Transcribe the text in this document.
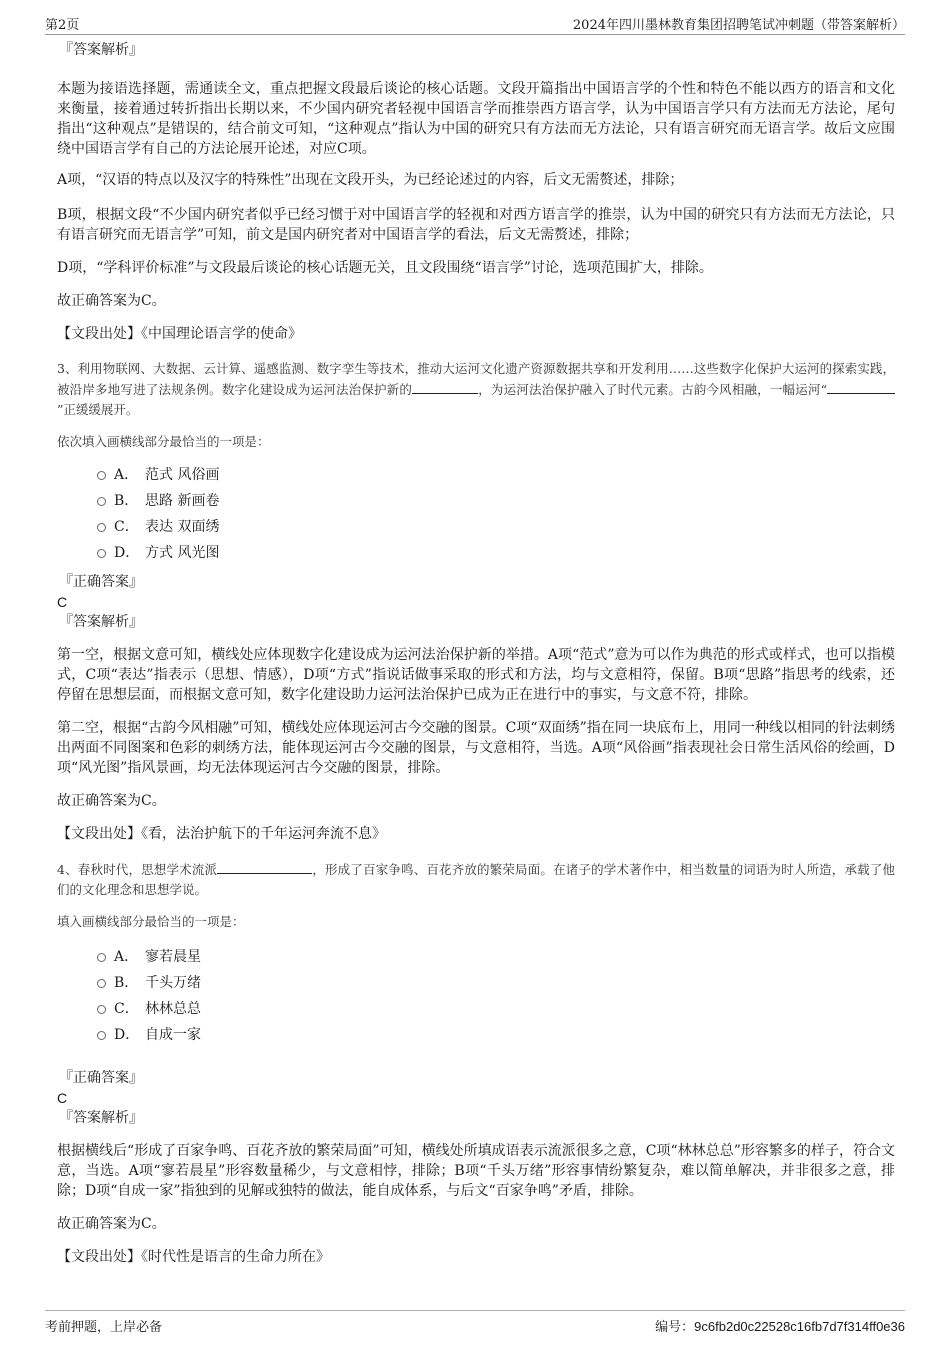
第2页	2024年四川墨林教育集团招聘笔试冲刺题（带答案解析）
『答案解析』

本题为接语选择题，需通读全文，重点把握文段最后谈论的核心话题。文段开篇指出中国语言学的个性和特色不能以西方的语言和文化来衡量，接着通过转折指出长期以来，不少国内研究者轻视中国语言学而推崇西方语言学，认为中国语言学只有方法而无方法论，尾句指出“这种观点”是错误的，结合前文可知，“这种观点”指认为中国的研究只有方法而无方法论，只有语言研究而无语言学。故后文应围绕中国语言学有自己的方法论展开论述，对应C项。

A项，“汉语的特点以及汉字的特殊性”出现在文段开头，为已经论述过的内容，后文无需赘述，排除；

B项，根据文段“不少国内研究者似乎已经习惯于对中国语言学的轻视和对西方语言学的推崇，认为中国的研究只有方法而无方法论，只有语言研究而无语言学”可知，前文是国内研究者对中国语言学的看法，后文无需赘述，排除；

D项，“学科评价标准”与文段最后谈论的核心话题无关，且文段围绕“语言学”讨论，选项范围扩大，排除。

故正确答案为C。

【文段出处】《中国理论语言学的使命》

3、利用物联网、大数据、云计算、遥感监测、数字孪生等技术，推动大运河文化遗产资源数据共享和开发利用……这些数字化保护大运河的探索实践，被沿岸多地写进了法规条例。数字化建设成为运河法治保护新的	，为运河法治保护融入了时代元素。古韵今风相融，一幅运河“”正缓缓展开。

依次填入画横线部分最恰当的一项是：

A． 范式 风俗画
B． 思路 新画卷
C． 表达 双面绣
D． 方式 风光图
『正确答案』
C
『答案解析』

第一空，根据文意可知，横线处应体现数字化建设成为运河法治保护新的举措。A项“范式”意为可以作为典范的形式或样式，也可以指模式，C项“表达”指表示（思想、情感），D项“方式”指说话做事采取的形式和方法，均与文意相符，保留。B项“思路”指思考的线索，还停留在思想层面，而根据文意可知，数字化建设助力运河法治保护已成为正在进行中的事实，与文意不符，排除。

第二空，根据“古韵今风相融”可知，横线处应体现运河古今交融的图景。C项“双面绣”指在同一块底布上，用同一种线以相同的针法刺绣出两面不同图案和色彩的刺绣方法，能体现运河古今交融的图景，与文意相符，当选。A项“风俗画”指表现社会日常生活风俗的绘画，D项“风光图”指风景画，均无法体现运河古今交融的图景，排除。

故正确答案为C。

【文段出处】《看，法治护航下的千年运河奔流不息》

4、春秋时代，思想学术流派	，形成了百家争鸣、百花齐放的繁荣局面。在诸子的学术著作中，相当数量的词语为时人所造，承载了他们的文化理念和思想学说。

填入画横线部分最恰当的一项是：

A． 寥若晨星
B． 千头万绪
C． 林林总总
D． 自成一家
『正确答案』
C
『答案解析』

根据横线后“形成了百家争鸣、百花齐放的繁荣局面”可知，横线处所填成语表示流派很多之意，C项“林林总总”形容繁多的样子，符合文意，当选。A项“寥若晨星”形容数量稀少，与文意相悖，排除；B项“千头万绪”形容事情纷繁复杂，难以简单解决，并非很多之意，排除；D项“自成一家”指独到的见解或独特的做法，能自成体系，与后文“百家争鸣”矛盾，排除。

故正确答案为C。

【文段出处】《时代性是语言的生命力所在》

考前押题，上岸必备	编号：9c6fb2d0c22528c16fb7d7f314ff0e36
